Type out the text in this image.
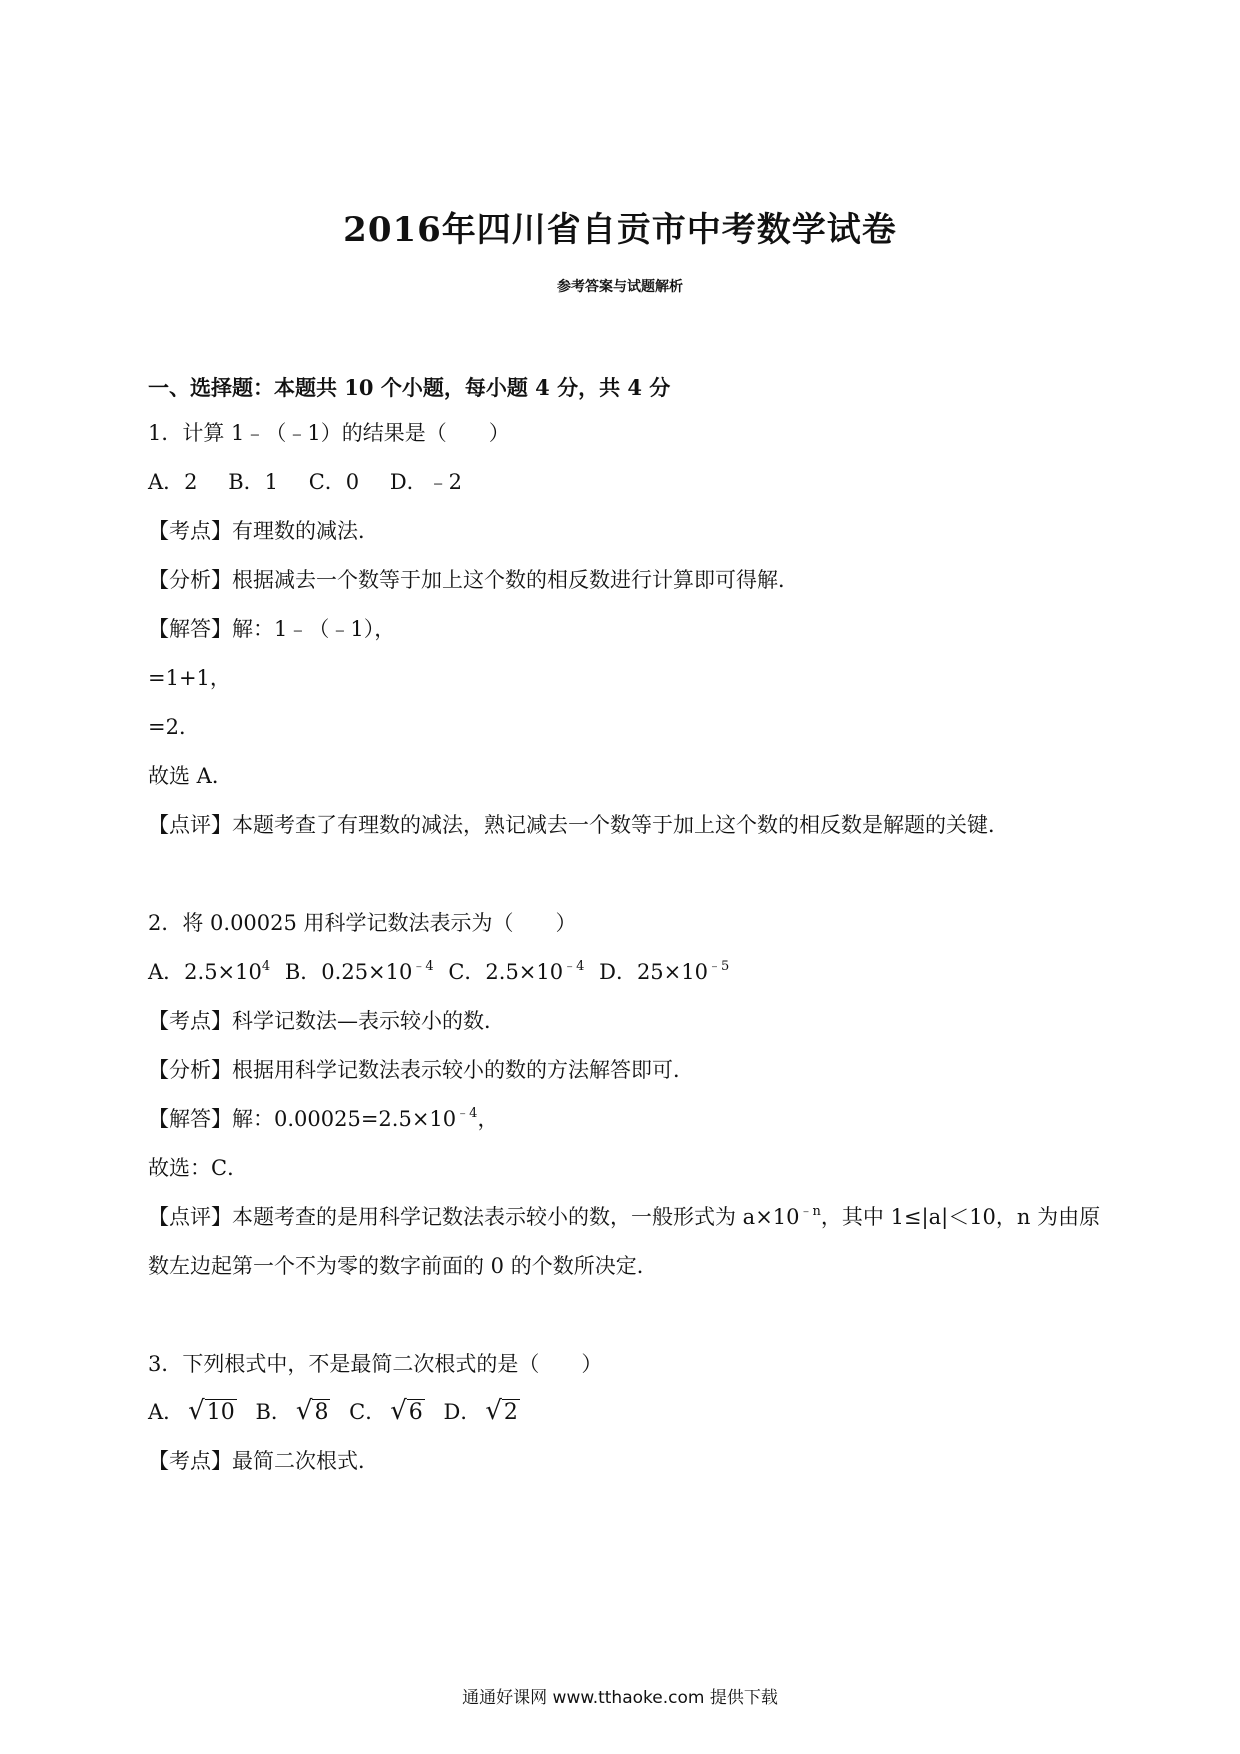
2016年四川省自贡市中考数学试卷
参考答案与试题解析
一、选择题：本题共 10 个小题，每小题 4 分，共 4 分
1．计算 1﹣（﹣1）的结果是（　　）
A．2 B．1 C．0 D．﹣2
【考点】有理数的减法．
【分析】根据减去一个数等于加上这个数的相反数进行计算即可得解．
【解答】解：1﹣（﹣1），
=1+1，
=2．
故选 A．
【点评】本题考查了有理数的减法，熟记减去一个数等于加上这个数的相反数是解题的关键．
2．将 0.00025 用科学记数法表示为（　　）
A．$2.5\times 10^4$ B．$0.25\times 10^{﹣4}$ C．$2.5\times 10^{﹣4}$ D．$25\times 10^{﹣5}$
【考点】科学记数法—表示较小的数．
【分析】根据用科学记数法表示较小的数的方法解答即可．
【解答】解：$0.00025=2.5\times 10^{﹣4}$，
故选：C．
【点评】本题考查的是用科学记数法表示较小的数，一般形式为 $a\times 10^{﹣n}$，其中 1≤|a|＜10，n 为由原
数左边起第一个不为零的数字前面的 0 的个数所决定．
3．下列根式中，不是最简二次根式的是（　　）
A． √10 B． √8 C． √6 D． √2
【考点】最简二次根式．
通通好课网 www.tthaoke.com 提供下载
